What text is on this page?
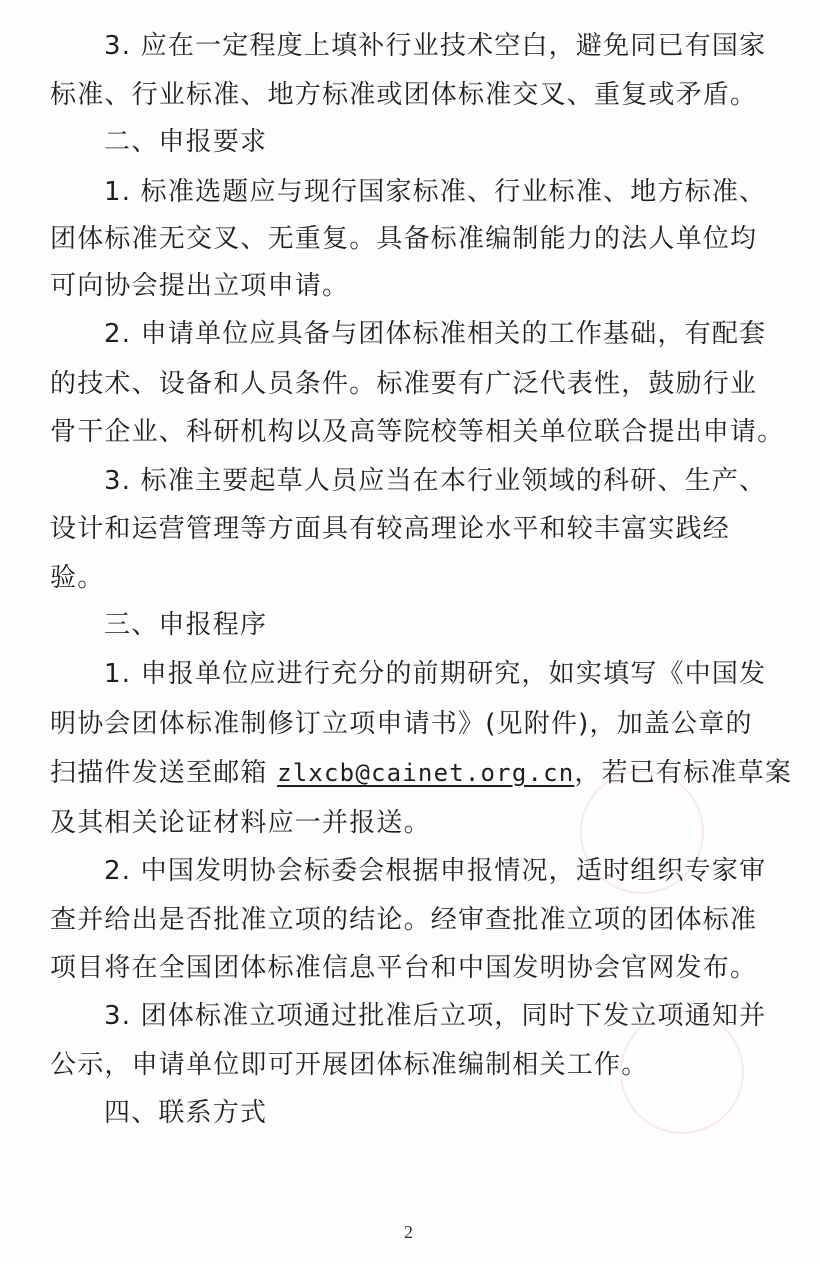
3. 应在一定程度上填补行业技术空白，避免同已有国家
标准、行业标准、地方标准或团体标准交叉、重复或矛盾。
二、申报要求
1. 标准选题应与现行国家标准、行业标准、地方标准、
团体标准无交叉、无重复。具备标准编制能力的法人单位均
可向协会提出立项申请。
2. 申请单位应具备与团体标准相关的工作基础，有配套
的技术、设备和人员条件。标准要有广泛代表性，鼓励行业
骨干企业、科研机构以及高等院校等相关单位联合提出申请。
3. 标准主要起草人员应当在本行业领域的科研、生产、
设计和运营管理等方面具有较高理论水平和较丰富实践经
验。
三、申报程序
1. 申报单位应进行充分的前期研究，如实填写《中国发
明协会团体标准制修订立项申请书》(见附件)，加盖公章的
扫描件发送至邮箱 zlxcb@cainet.org.cn，若已有标准草案
及其相关论证材料应一并报送。
2. 中国发明协会标委会根据申报情况，适时组织专家审
查并给出是否批准立项的结论。经审查批准立项的团体标准
项目将在全国团体标准信息平台和中国发明协会官网发布。
3. 团体标准立项通过批准后立项，同时下发立项通知并
公示，申请单位即可开展团体标准编制相关工作。
四、联系方式
2
